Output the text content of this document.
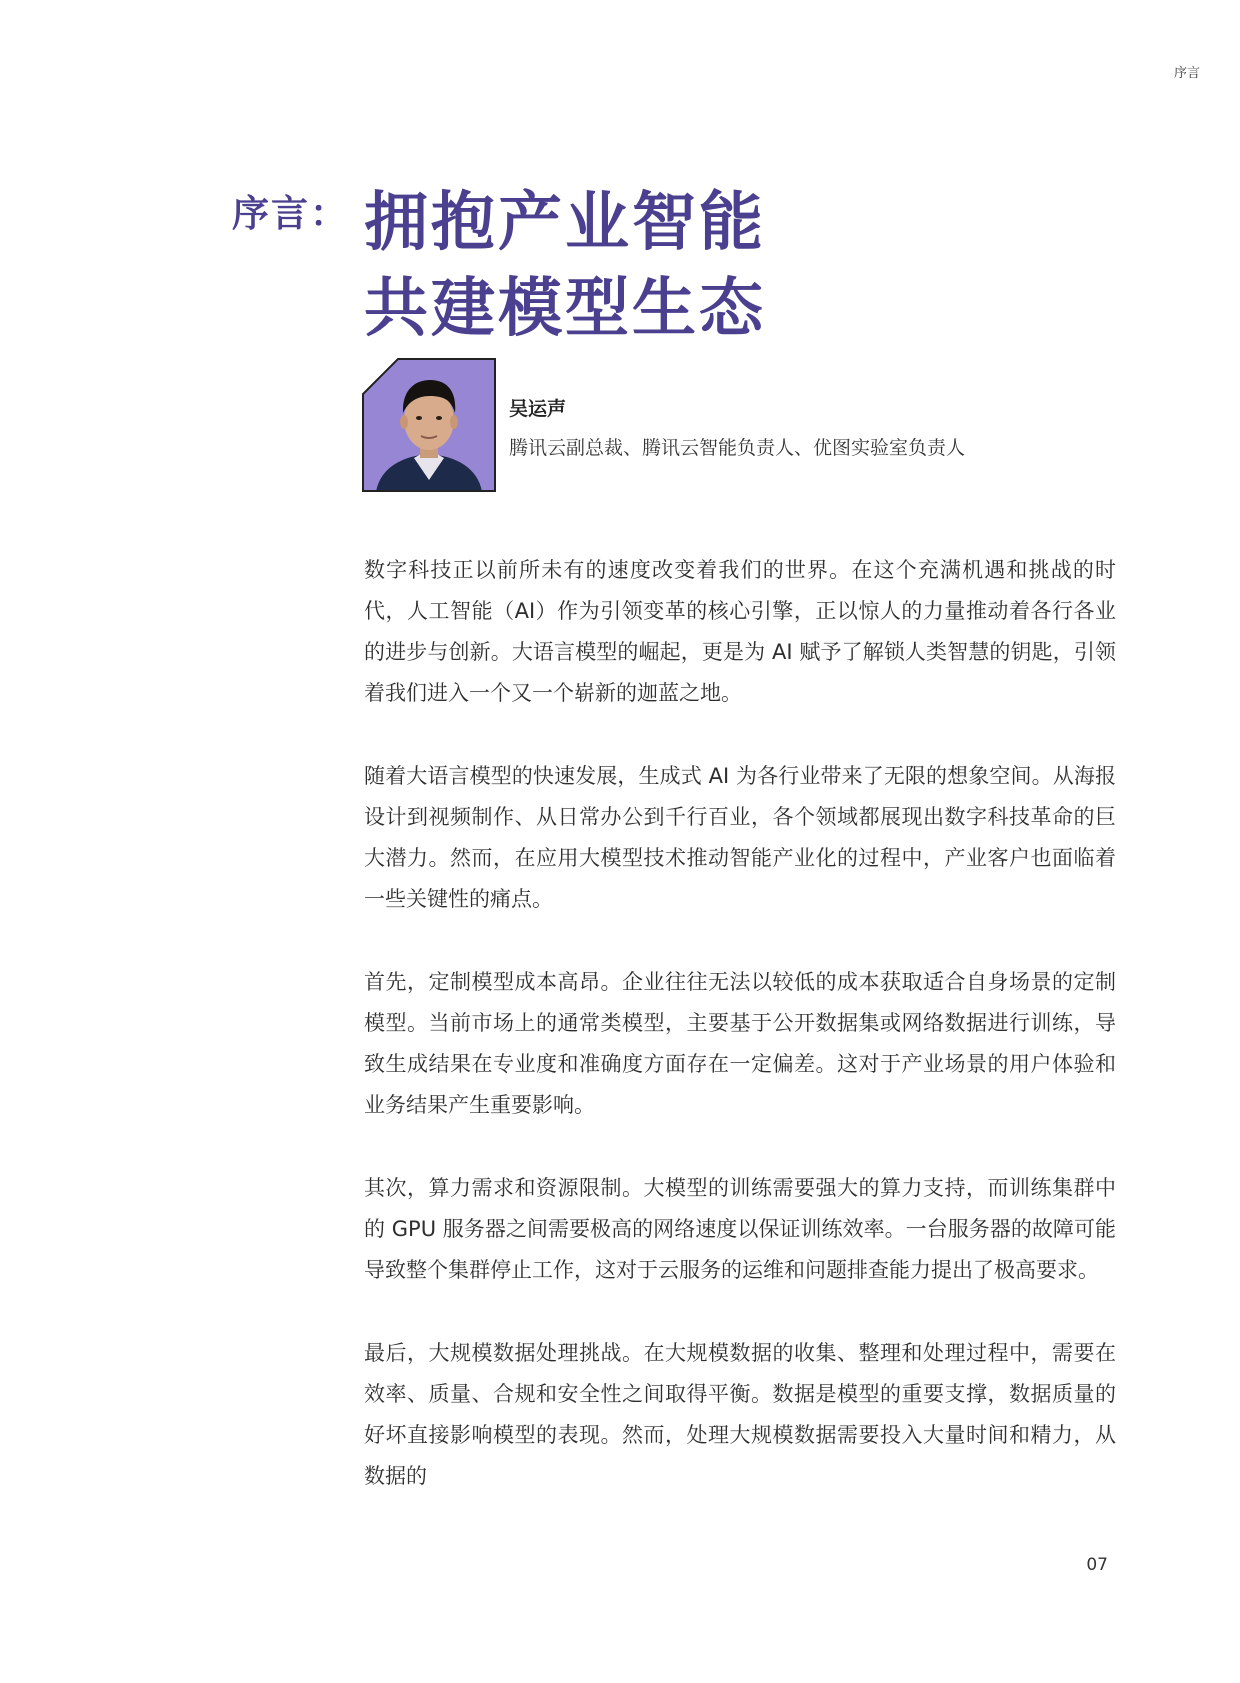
序言
序言： 拥抱产业智能
共建模型生态
吴运声
腾讯云副总裁、腾讯云智能负责人、优图实验室负责人

数字科技正以前所未有的速度改变着我们的世界。在这个充满机遇和挑战的时代，人工智能（AI）作为引领变革的核心引擎，正以惊人的力量推动着各行各业的进步与创新。大语言模型的崛起，更是为 AI 赋予了解锁人类智慧的钥匙，引领着我们进入一个又一个崭新的迦蓝之地。

随着大语言模型的快速发展，生成式 AI 为各行业带来了无限的想象空间。从海报设计到视频制作、从日常办公到千行百业，各个领域都展现出数字科技革命的巨大潜力。然而，在应用大模型技术推动智能产业化的过程中，产业客户也面临着一些关键性的痛点。

首先，定制模型成本高昂。企业往往无法以较低的成本获取适合自身场景的定制模型。当前市场上的通常类模型，主要基于公开数据集或网络数据进行训练，导致生成结果在专业度和准确度方面存在一定偏差。这对于产业场景的用户体验和业务结果产生重要影响。

其次，算力需求和资源限制。大模型的训练需要强大的算力支持，而训练集群中的 GPU 服务器之间需要极高的网络速度以保证训练效率。一台服务器的故障可能导致整个集群停止工作，这对于云服务的运维和问题排查能力提出了极高要求。

最后，大规模数据处理挑战。在大规模数据的收集、整理和处理过程中，需要在效率、质量、合规和安全性之间取得平衡。数据是模型的重要支撑，数据质量的好坏直接影响模型的表现。然而，处理大规模数据需要投入大量时间和精力，从数据的

07
